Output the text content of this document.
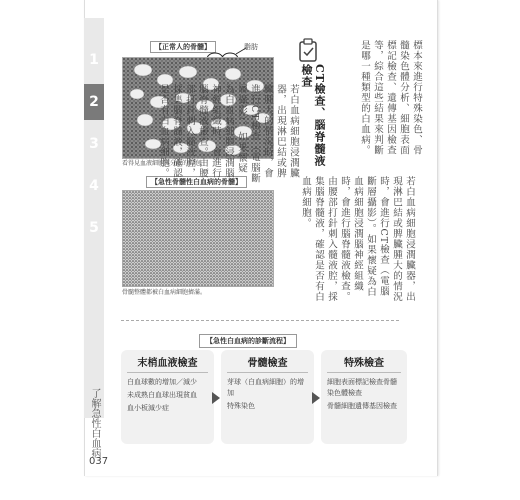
1
2
3
4
5
了解急性白血病
037
【正常人的骨髓】	脂肪
看得見血液細胞與分散的細胞。
【急性骨髓性白血病的骨髓】
骨髓整體都被白血病細胞擠滿。
標本來進行特殊染色、骨髓染色體分析、細胞表面標記檢查、遺傳基因檢查等，綜合這些結果來判斷是哪一種類型的白血病。
CT檢查、腦脊髓液檢查
若白血病細胞浸潤臟器，出現淋巴結或脾臟腫大的情況時，會進行CT檢查（電腦斷層攝影）。如果懷疑為白血病細胞浸潤腦神經組織時，會進行腦脊髓液檢查。由腰部打針刺入髓液腔，採集腦脊髓液，確認是否有白血病細胞。
若白血病細胞浸潤臟器，出現淋巴結或脾臟腫大的情況時，會進行CT檢查（電腦斷層攝影）。如果懷疑為白血病細胞浸潤腦神經組織時，會進行腦脊髓液檢查。由腰部打針刺入髓液腔，採集腦脊髓液，確認是否有白血病細胞。
【急性白血病的診斷流程】
末梢血液檢查
白血球數的增加／減少
未成熟白血球出現貧血
血小板減少症
骨髓檢查
芽球（白血病細胞）的增加
特殊染色
特殊檢查
細胞表面標記檢查骨髓染色體檢查
骨髓細胞遺傳基因檢查
